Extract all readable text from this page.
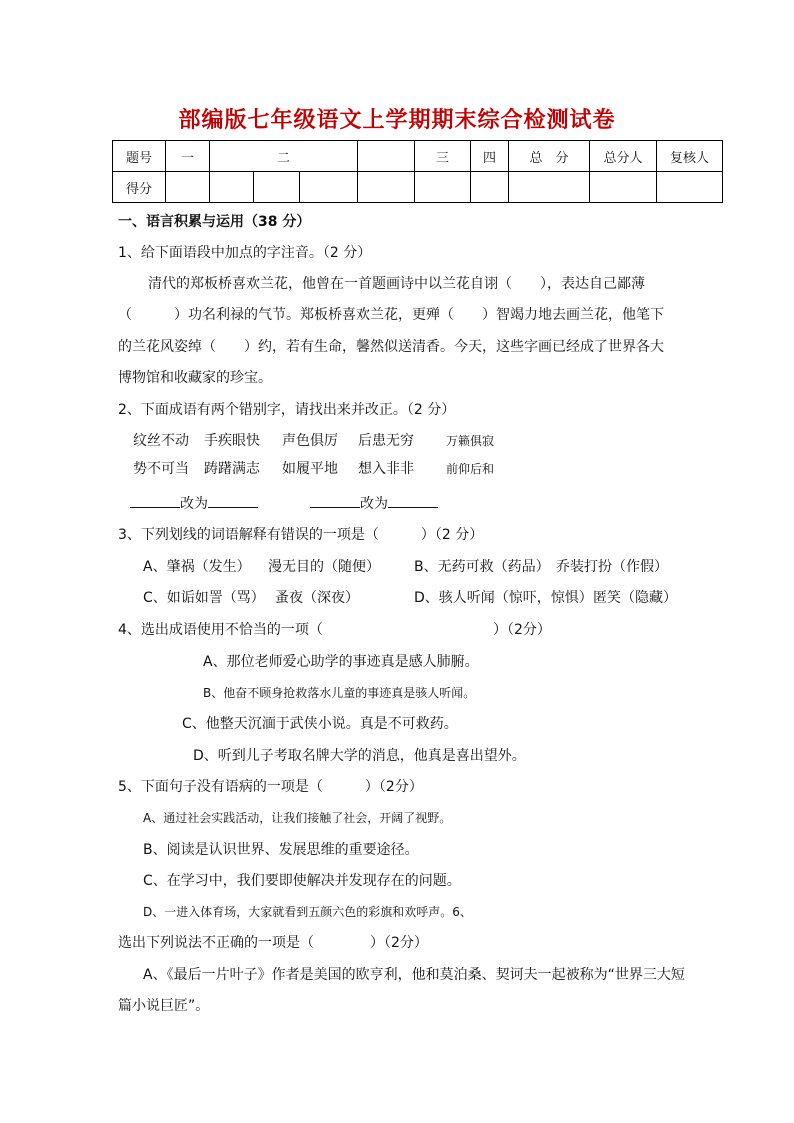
部编版七年级语文上学期期末综合检测试卷
题号	一	二				三	四	总　分	总分人	复核人
得分										
一、语言积累与运用（38 分）
1、给下面语段中加点的字注音。（2 分）
清代的郑板桥喜欢兰花，他曾在一首题画诗中以兰花自诩（　　），表达自己鄙薄
（　　　）功名利禄的气节。郑板桥喜欢兰花，更殚（　　）智竭力地去画兰花，他笔下
的兰花风姿绰（　　）约，若有生命，馨然似送清香。今天，这些字画已经成了世界各大
博物馆和收藏家的珍宝。
2、下面成语有两个错别字，请找出来并改正。（2 分）
纹丝不动 手疾眼快 声色俱厉 后患无穷	万籁俱寂
势不可当 踌躇满志 如履平地 想入非非	前仰后和
改为	改为
3、下列划线的词语解释有错误的一项是（　　　）（2 分）
A、肇祸（发生） 漫无目的（随便） B、无药可救（药品） 乔装打扮（作假）
C、如诟如詈（骂） 蚤夜（深夜）	D、骇人听闻（惊吓，惊惧） 匿笑（隐藏）
4、选出成语使用不恰当的一项（	）（2分）
A、那位老师爱心助学的事迹真是感人肺腑。
B、他奋不顾身抢救落水儿童的事迹真是骇人听闻。
C、他整天沉湎于武侠小说。真是不可救药。
D、听到儿子考取名牌大学的消息，他真是喜出望外。
5、下面句子没有语病的一项是（　　　）（2分）
A、通过社会实践活动，让我们接触了社会，开阔了视野。
B、阅读是认识世界、发展思维的重要途径。
C、在学习中，我们要即使解决并发现存在的问题。
D、一进入体育场，大家就看到五颜六色的彩旗和欢呼声。6、
选出下列说法不正确的一项是（　　　　）（2分）
A、《最后一片叶子》作者是美国的欧亨利，他和莫泊桑、契诃夫一起被称为“世界三大短
篇小说巨匠”。
